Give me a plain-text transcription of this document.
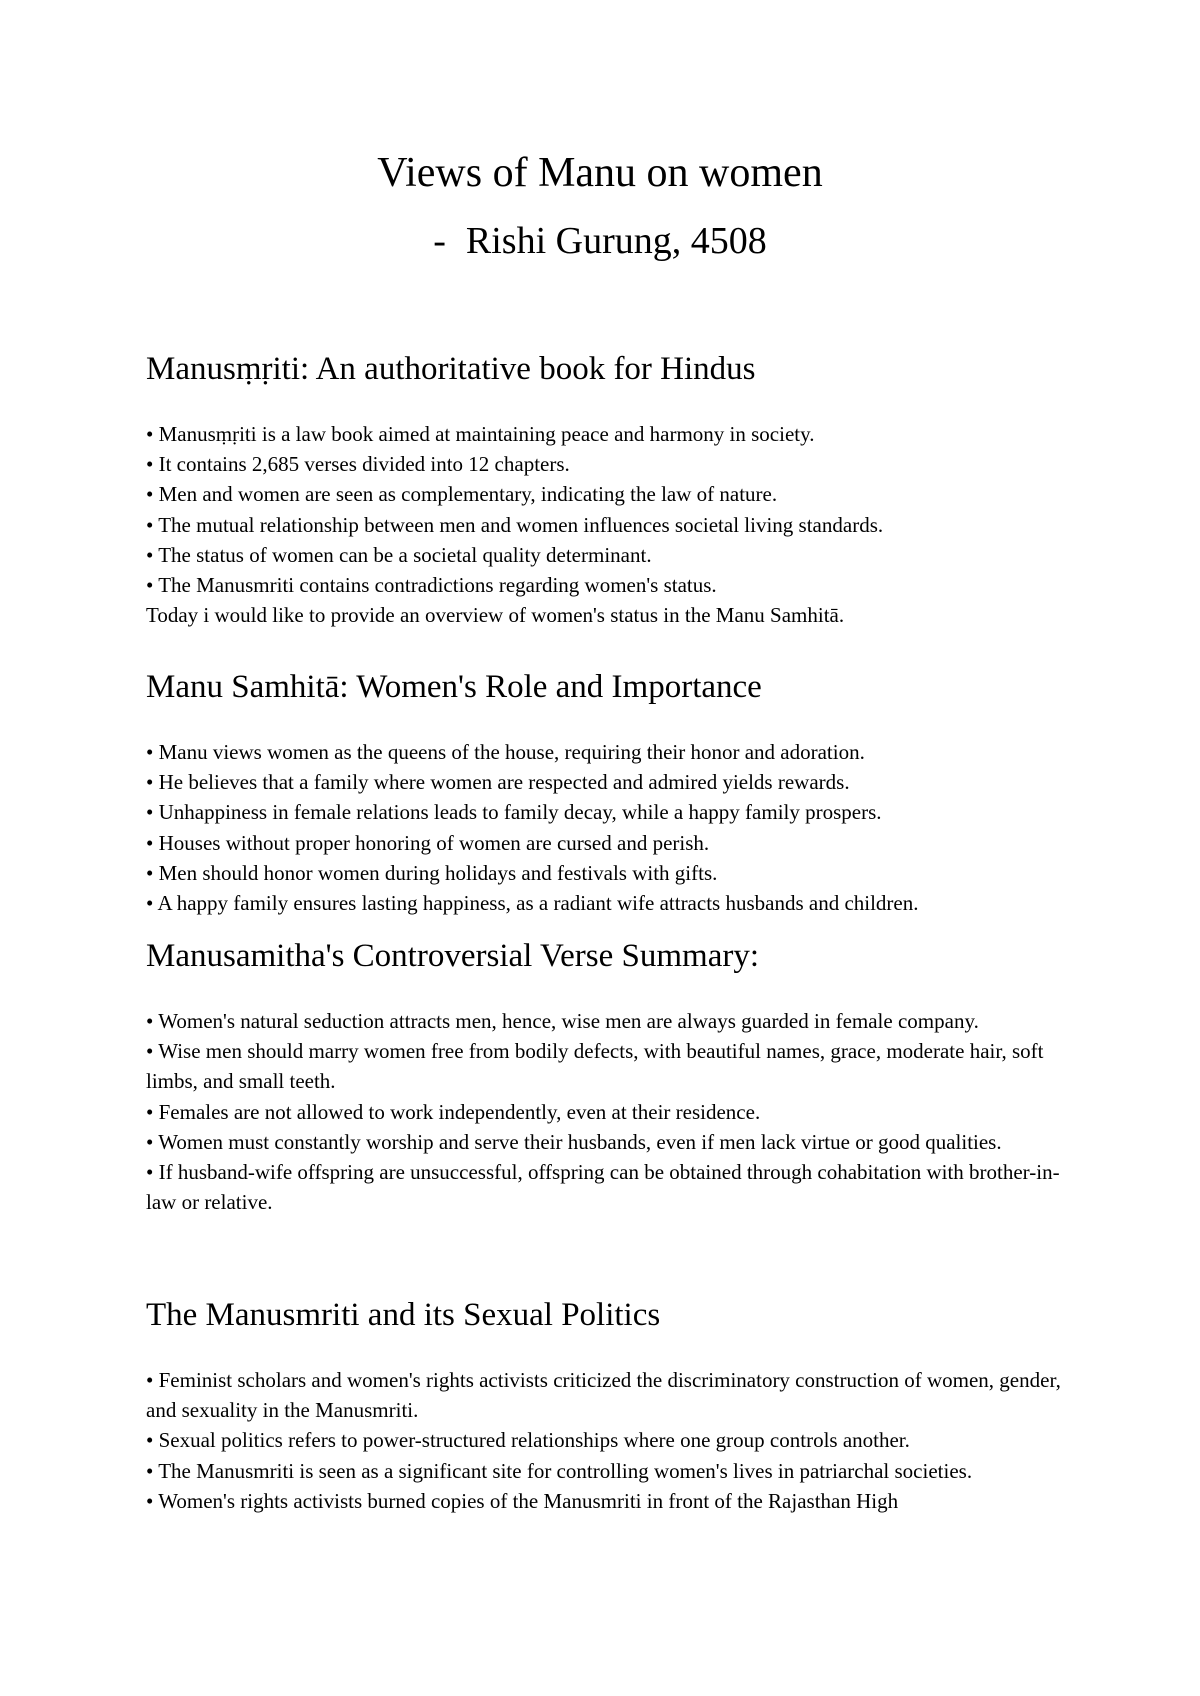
Views of Manu on women
- Rishi Gurung, 4508
Manusṃṛiti: An authoritative book for Hindus
• Manusṃṛiti is a law book aimed at maintaining peace and harmony in society.
• It contains 2,685 verses divided into 12 chapters.
• Men and women are seen as complementary, indicating the law of nature.
• The mutual relationship between men and women influences societal living standards.
• The status of women can be a societal quality determinant.
• The Manusmriti contains contradictions regarding women's status.

Today i would like to provide an overview of women's status in the Manu Samhitā.

Manu Samhitā: Women's Role and Importance
• Manu views women as the queens of the house, requiring their honor and adoration.
• He believes that a family where women are respected and admired yields rewards.
• Unhappiness in female relations leads to family decay, while a happy family prospers.
• Houses without proper honoring of women are cursed and perish.
• Men should honor women during holidays and festivals with gifts.
• A happy family ensures lasting happiness, as a radiant wife attracts husbands and children.
Manusamitha's Controversial Verse Summary:
• Women's natural seduction attracts men, hence, wise men are always guarded in female company.
• Wise men should marry women free from bodily defects, with beautiful names, grace, moderate hair, soft limbs, and small teeth.
• Females are not allowed to work independently, even at their residence.
• Women must constantly worship and serve their husbands, even if men lack virtue or good qualities.
• If husband-wife offspring are unsuccessful, offspring can be obtained through cohabitation with brother-in-law or relative.
The Manusmriti and its Sexual Politics
• Feminist scholars and women's rights activists criticized the discriminatory construction of women, gender, and sexuality in the Manusmriti.
• Sexual politics refers to power-structured relationships where one group controls another.
• The Manusmriti is seen as a significant site for controlling women's lives in patriarchal societies.
• Women's rights activists burned copies of the Manusmriti in front of the Rajasthan High
